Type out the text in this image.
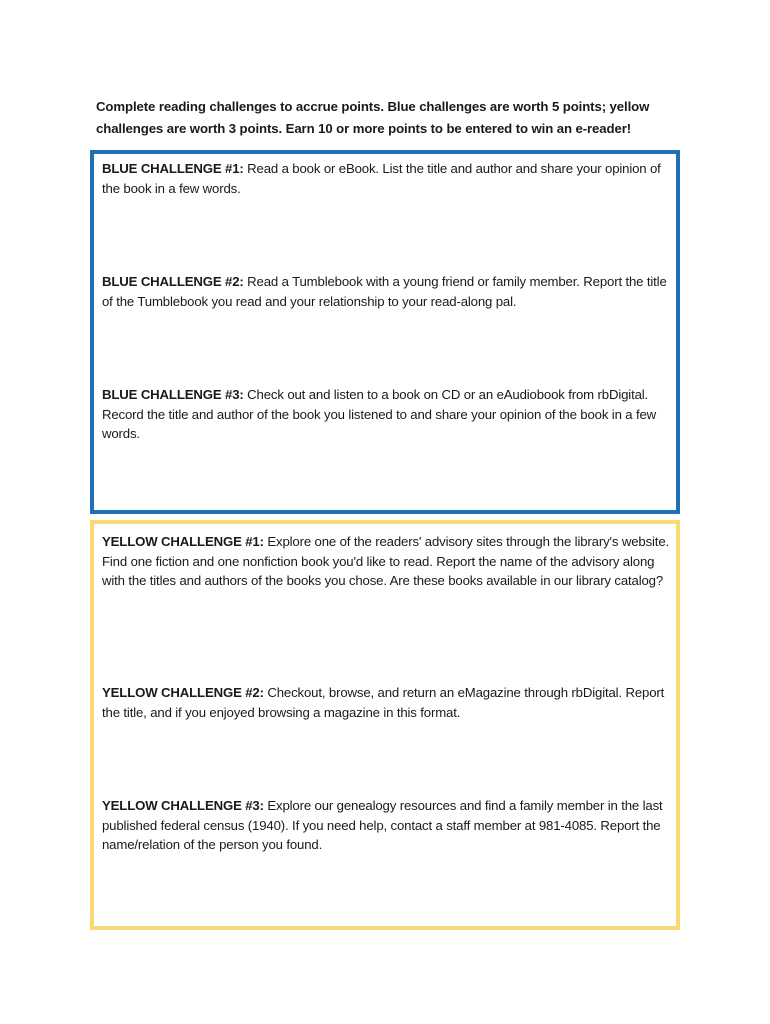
Complete reading challenges to accrue points. Blue challenges are worth 5 points; yellow challenges are worth 3 points. Earn 10 or more points to be entered to win an e-reader!
BLUE CHALLENGE #1: Read a book or eBook. List the title and author and share your opinion of the book in a few words.
BLUE CHALLENGE #2: Read a Tumblebook with a young friend or family member. Report the title of the Tumblebook you read and your relationship to your read-along pal.
BLUE CHALLENGE #3: Check out and listen to a book on CD or an eAudiobook from rbDigital. Record the title and author of the book you listened to and share your opinion of the book in a few words.
YELLOW CHALLENGE #1: Explore one of the readers' advisory sites through the library's website. Find one fiction and one nonfiction book you'd like to read. Report the name of the advisory along with the titles and authors of the books you chose. Are these books available in our library catalog?
YELLOW CHALLENGE #2: Checkout, browse, and return an eMagazine through rbDigital. Report the title, and if you enjoyed browsing a magazine in this format.
YELLOW CHALLENGE #3: Explore our genealogy resources and find a family member in the last published federal census (1940). If you need help, contact a staff member at 981-4085. Report the name/relation of the person you found.
